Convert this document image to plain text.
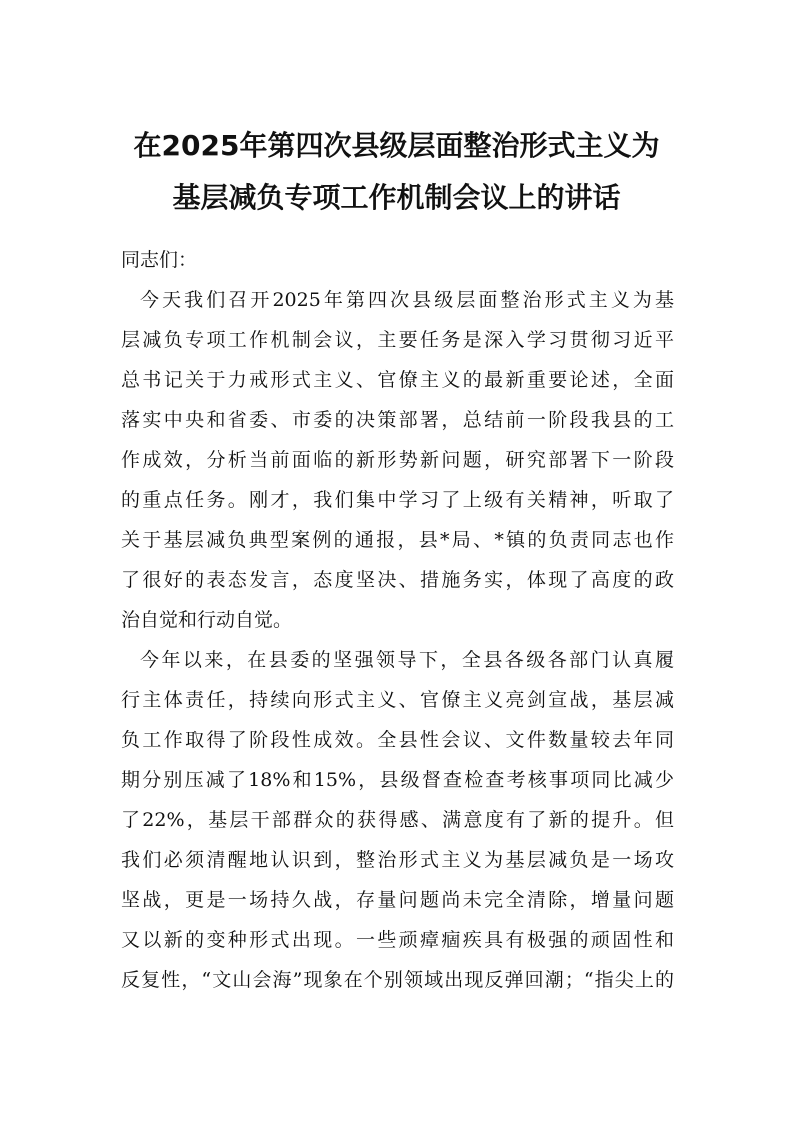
在2025年第四次县级层面整治形式主义为
基层减负专项工作机制会议上的讲话

同志们：

今天我们召开2025年第四次县级层面整治形式主义为基
层减负专项工作机制会议，主要任务是深入学习贯彻习近平
总书记关于力戒形式主义、官僚主义的最新重要论述，全面
落实中央和省委、市委的决策部署，总结前一阶段我县的工
作成效，分析当前面临的新形势新问题，研究部署下一阶段
的重点任务。刚才，我们集中学习了上级有关精神，听取了
关于基层减负典型案例的通报，县*局、*镇的负责同志也作
了很好的表态发言，态度坚决、措施务实，体现了高度的政
治自觉和行动自觉。
今年以来，在县委的坚强领导下，全县各级各部门认真履
行主体责任，持续向形式主义、官僚主义亮剑宣战，基层减
负工作取得了阶段性成效。全县性会议、文件数量较去年同
期分别压减了18%和15%，县级督查检查考核事项同比减少
了22%，基层干部群众的获得感、满意度有了新的提升。但
我们必须清醒地认识到，整治形式主义为基层减负是一场攻
坚战，更是一场持久战，存量问题尚未完全清除，增量问题
又以新的变种形式出现。一些顽瘴痼疾具有极强的顽固性和
反复性，“文山会海”现象在个别领域出现反弹回潮；“指尖上的
